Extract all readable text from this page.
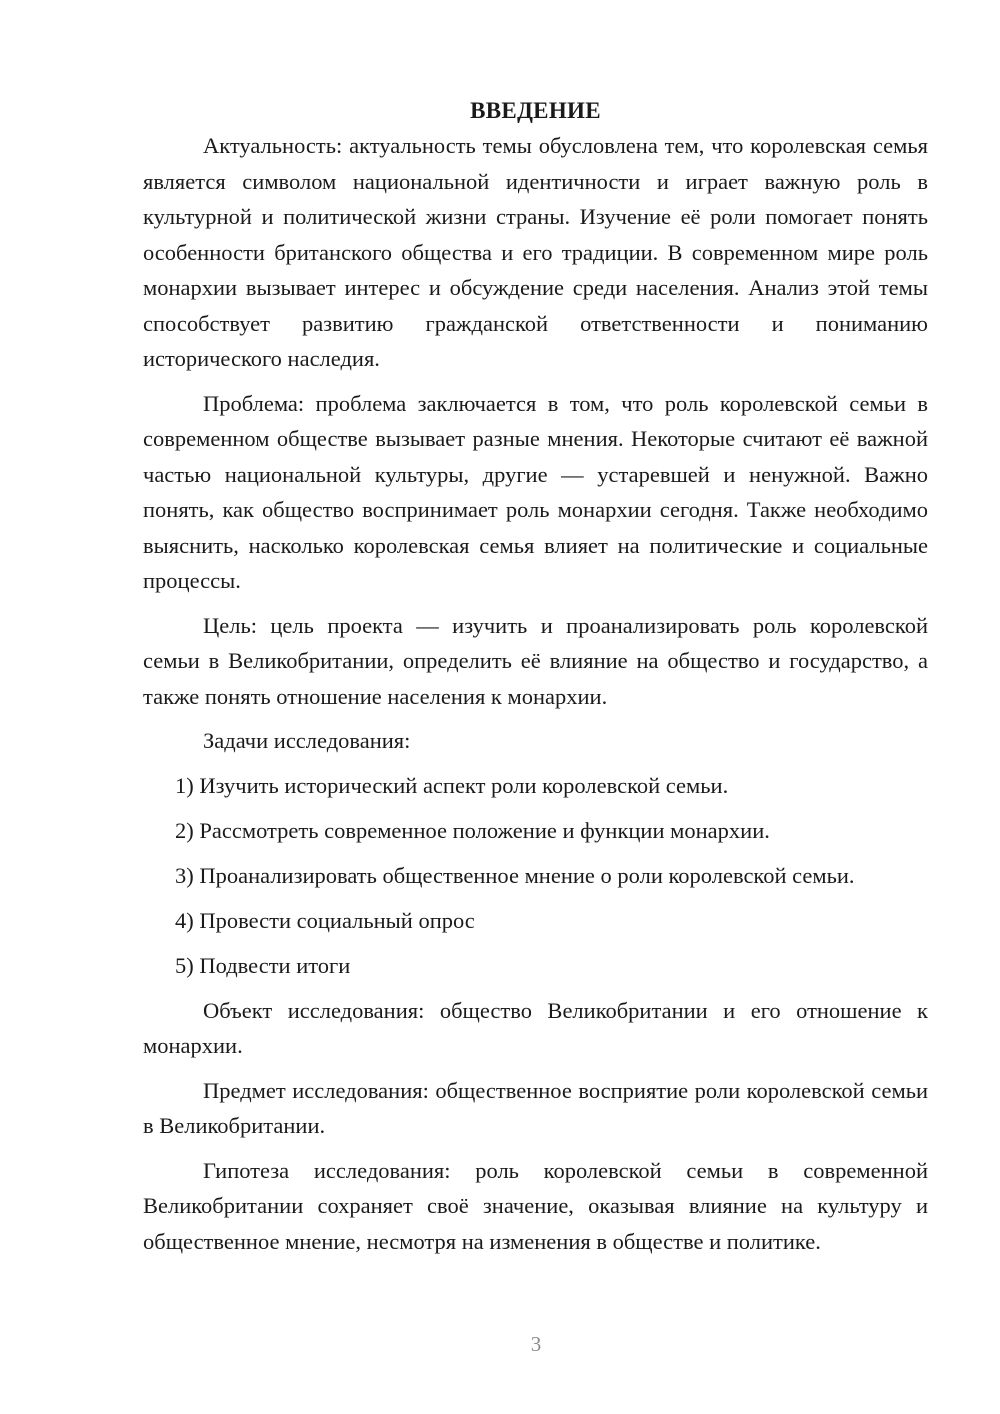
ВВЕДЕНИЕ

Актуальность: актуальность темы обусловлена тем, что королевская семья является символом национальной идентичности и играет важную роль в культурной и политической жизни страны. Изучение её роли помогает понять особенности британского общества и его традиции. В современном мире роль монархии вызывает интерес и обсуждение среди населения. Анализ этой темы способствует развитию гражданской ответственности и пониманию исторического наследия.

Проблема: проблема заключается в том, что роль королевской семьи в современном обществе вызывает разные мнения. Некоторые считают её важной частью национальной культуры, другие — устаревшей и ненужной. Важно понять, как общество воспринимает роль монархии сегодня. Также необходимо выяснить, насколько королевская семья влияет на политические и социальные процессы.

Цель: цель проекта — изучить и проанализировать роль королевской семьи в Великобритании, определить её влияние на общество и государство, а также понять отношение населения к монархии.

Задачи исследования:

1) Изучить исторический аспект роли королевской семьи.
2) Рассмотреть современное положение и функции монархии.
3) Проанализировать общественное мнение о роли королевской семьи.
4) Провести социальный опрос
5) Подвести итоги

Объект исследования: общество Великобритании и его отношение к монархии.

Предмет исследования: общественное восприятие роли королевской семьи в Великобритании.

Гипотеза исследования: роль королевской семьи в современной Великобритании сохраняет своё значение, оказывая влияние на культуру и общественное мнение, несмотря на изменения в обществе и политике.

3
